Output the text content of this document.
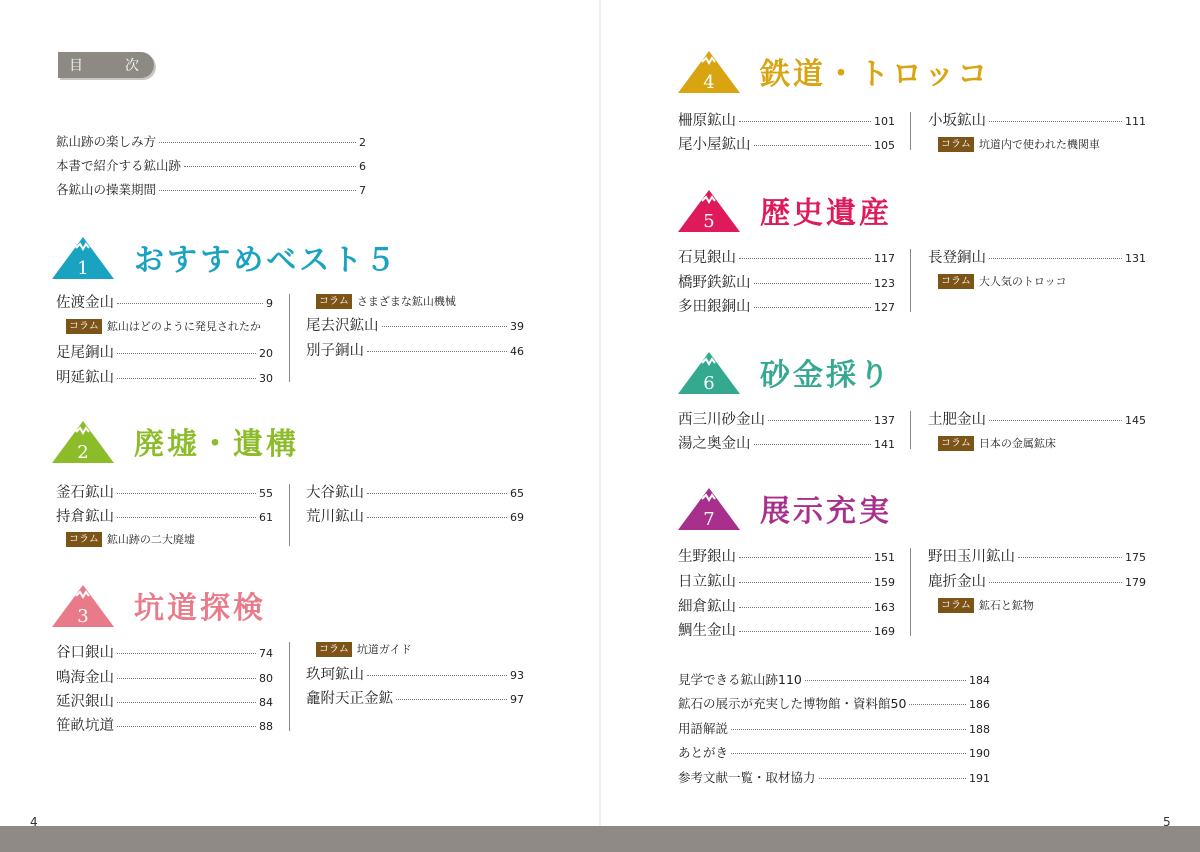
4	5
目　次
鉱山跡の楽しみ方	2
本書で紹介する鉱山跡	6
各鉱山の操業期間	7
1 おすすめベスト５
佐渡金山	9
コラム 鉱山はどのように発見されたか
足尾銅山	20
明延鉱山	30
コラム さまざまな鉱山機械
尾去沢鉱山	39
別子銅山	46
2 廃墟・遺構
釜石鉱山	55
持倉鉱山	61
コラム 鉱山跡の二大廃墟
大谷鉱山	65
荒川鉱山	69
3 坑道探検
谷口銀山	74
鳴海金山	80
延沢銀山	84
笹畝坑道	88
コラム 坑道ガイド
玖珂鉱山	93
龕附天正金鉱	97
4 鉄道・トロッコ
柵原鉱山	101
尾小屋鉱山	105
小坂鉱山	111
コラム 坑道内で使われた機関車
5 歴史遺産
石見銀山	117
橋野鉄鉱山	123
多田銀銅山	127
長登銅山	131
コラム 大人気のトロッコ
6 砂金採り
西三川砂金山	137
湯之奥金山	141
土肥金山	145
コラム 日本の金属鉱床
7 展示充実
生野銀山	151
日立鉱山	159
細倉鉱山	163
鯛生金山	169
野田玉川鉱山	175
鹿折金山	179
コラム 鉱石と鉱物
見学できる鉱山跡110	184
鉱石の展示が充実した博物館・資料館50	186
用語解説	188
あとがき	190
参考文献一覧・取材協力	191
